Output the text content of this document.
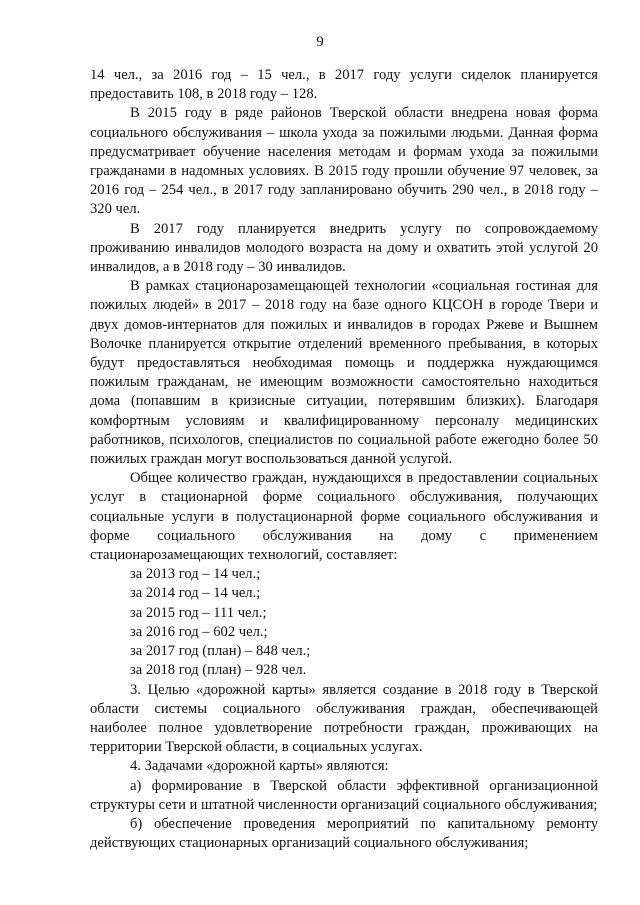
9

14 чел., за 2016 год – 15 чел., в 2017 году услуги сиделок планируется предоставить 108, в 2018 году – 128.

В 2015 году в ряде районов Тверской области внедрена новая форма социального обслуживания – школа ухода за пожилыми людьми. Данная форма предусматривает обучение населения методам и формам ухода за пожилыми гражданами в надомных условиях. В 2015 году прошли обучение 97 человек, за 2016 год – 254 чел., в 2017 году запланировано обучить 290 чел., в 2018 году – 320 чел.

В 2017 году планируется внедрить услугу по сопровождаемому проживанию инвалидов молодого возраста на дому и охватить этой услугой 20 инвалидов, а в 2018 году – 30 инвалидов.

В рамках стационарозамещающей технологии «социальная гостиная для пожилых людей» в 2017 – 2018 году на базе одного КЦСОН в городе Твери и двух домов-интернатов для пожилых и инвалидов в городах Ржеве и Вышнем Волочке планируется открытие отделений временного пребывания, в которых будут предоставляться необходимая помощь и поддержка нуждающимся пожилым гражданам, не имеющим возможности самостоятельно находиться дома (попавшим в кризисные ситуации, потерявшим близких). Благодаря комфортным условиям и квалифицированному персоналу медицинских работников, психологов, специалистов по социальной работе ежегодно более 50 пожилых граждан могут воспользоваться данной услугой.

Общее количество граждан, нуждающихся в предоставлении социальных услуг в стационарной форме социального обслуживания, получающих социальные услуги в полустационарной форме социального обслуживания и форме социального обслуживания на дому с применением стационарозамещающих технологий, составляет:

за 2013 год – 14 чел.;

за 2014 год – 14 чел.;

за 2015 год – 111 чел.;

за 2016 год – 602 чел.;

за 2017 год (план) – 848 чел.;

за 2018 год (план) – 928 чел.

3. Целью «дорожной карты» является создание в 2018 году в Тверской области системы социального обслуживания граждан, обеспечивающей наиболее полное удовлетворение потребности граждан, проживающих на территории Тверской области, в социальных услугах.

4. Задачами «дорожной карты» являются:

а) формирование в Тверской области эффективной организационной структуры сети и штатной численности организаций социального обслуживания;

б) обеспечение проведения мероприятий по капитальному ремонту действующих стационарных организаций социального обслуживания;
